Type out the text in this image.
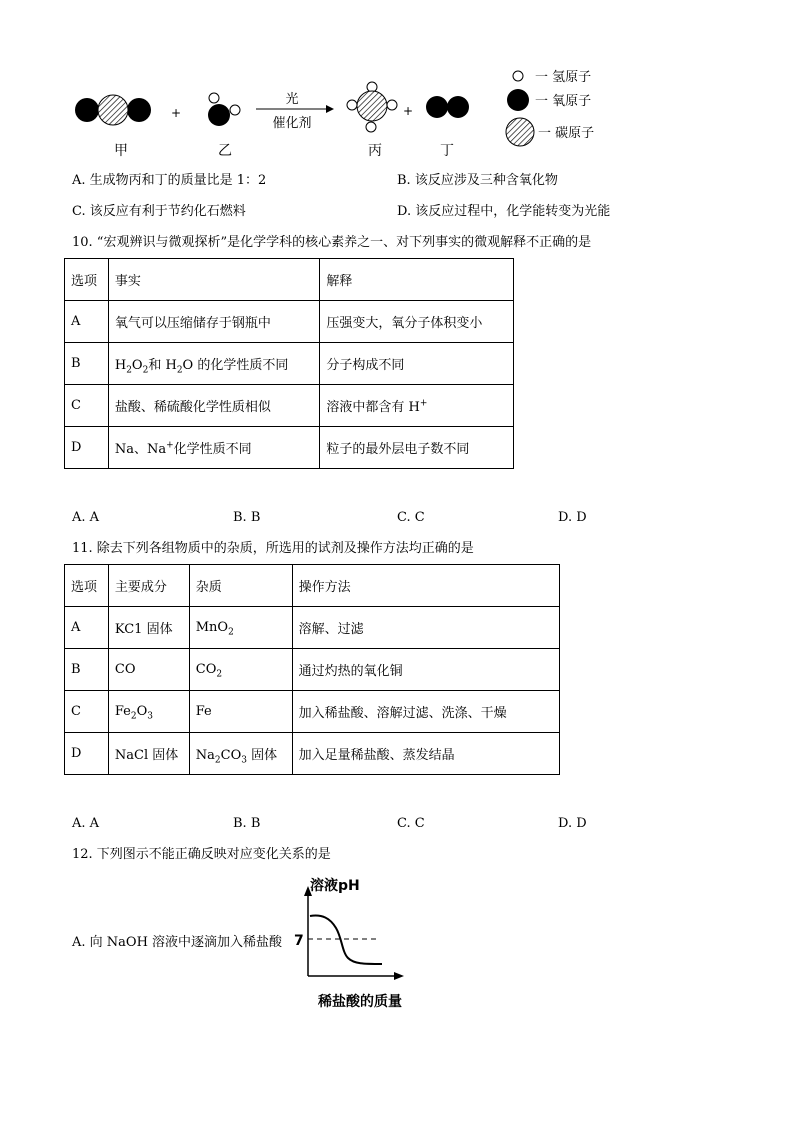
+
光
催化剂
+
甲	乙	丙	丁
一 氢原子
一 氧原子
一 碳原子
A. 生成物丙和丁的质量比是 1：2	B. 该反应涉及三种含氧化物
C. 该反应有利于节约化石燃料	D. 该反应过程中，化学能转变为光能
10. “宏观辨识与微观探析”是化学学科的核心素养之一、对下列事实的微观解释不正确的是
选项	事实	解释
A	氧气可以压缩储存于钢瓶中	压强变大，氧分子体积变小
B	$H_2O_2$和 $H_2O$ 的化学性质不同	分子构成不同
C	盐酸、稀硫酸化学性质相似	溶液中都含有 H+
D	Na、Na+化学性质不同	粒子的最外层电子数不同
A. A	B. B	C. C	D. D
11. 除去下列各组物质中的杂质，所选用的试剂及操作方法均正确的是
选项	主要成分	杂质	操作方法
A	KC1 固体	MnO$_2$	溶解、过滤
B	CO	$CO_2$	通过灼热的氧化铜
C	$Fe_2O_3$	Fe	加入稀盐酸、溶解过滤、洗涤、干燥
D	NaCl 固体	$Na_2CO_3$ 固体	加入足量稀盐酸、蒸发结晶
A. A	B. B	C. C	D. D
12. 下列图示不能正确反映对应变化关系的是
A. 向 NaOH 溶液中逐滴加入稀盐酸
溶液pH
7
稀盐酸的质量
